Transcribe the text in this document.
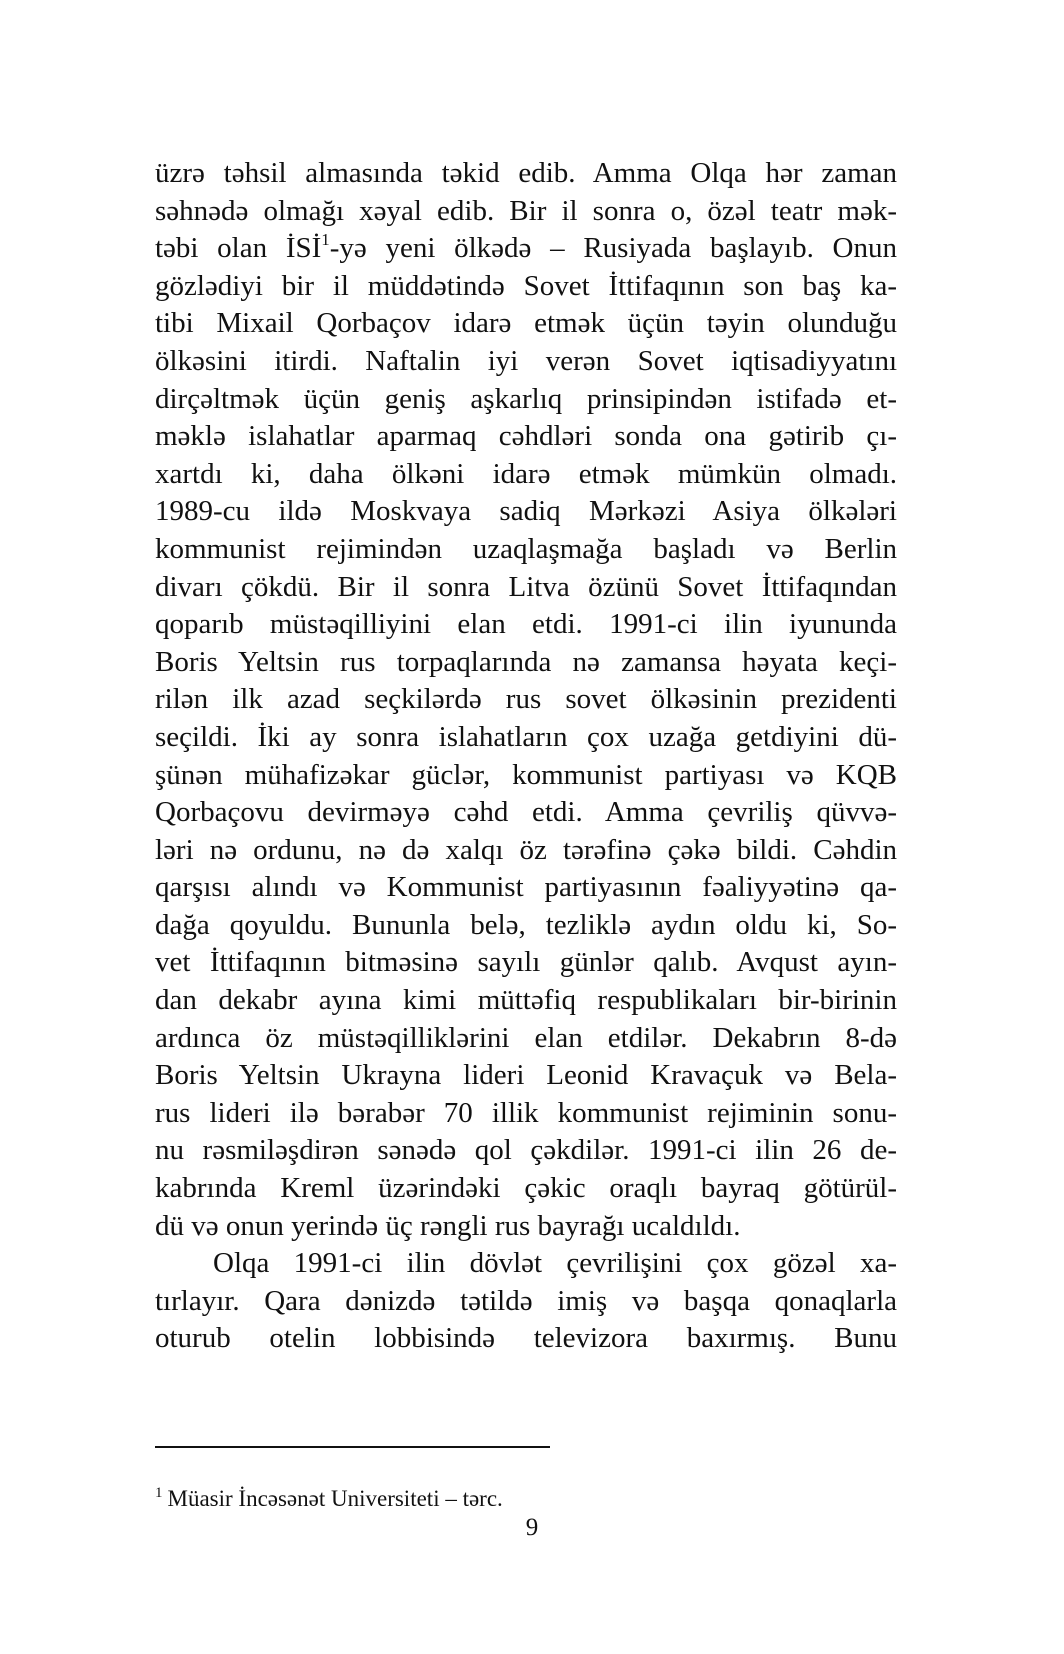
üzrə təhsil almasında təkid edib. Amma Olqa hər zaman
səhnədə olmağı xəyal edib. Bir il sonra o, özəl teatr mək-
təbi olan İSİ$^1$-yə yeni ölkədə – Rusiyada başlayıb. Onun
gözlədiyi bir il müddətində Sovet İttifaqının son baş ka-
tibi Mixail Qorbaçov idarə etmək üçün təyin olunduğu
ölkəsini itirdi. Naftalin iyi verən Sovet iqtisadiyyatını
dirçəltmək üçün geniş aşkarlıq prinsipindən istifadə et-
məklə islahatlar aparmaq cəhdləri sonda ona gətirib çı-
xartdı ki, daha ölkəni idarə etmək mümkün olmadı.
1989-cu ildə Moskvaya sadiq Mərkəzi Asiya ölkələri
kommunist rejimindən uzaqlaşmağa başladı və Berlin
divarı çökdü. Bir il sonra Litva özünü Sovet İttifaqından
qoparıb müstəqilliyini elan etdi. 1991-ci ilin iyununda
Boris Yeltsin rus torpaqlarında nə zamansa həyata keçi-
rilən ilk azad seçkilərdə rus sovet ölkəsinin prezidenti
seçildi. İki ay sonra islahatların çox uzağa getdiyini dü-
şünən mühafizəkar güclər, kommunist partiyası və KQB
Qorbaçovu devirməyə cəhd etdi. Amma çevriliş qüvvə-
ləri nə ordunu, nə də xalqı öz tərəfinə çəkə bildi. Cəhdin
qarşısı alındı və Kommunist partiyasının fəaliyyətinə qa-
dağa qoyuldu. Bununla belə, tezliklə aydın oldu ki, So-
vet İttifaqının bitməsinə sayılı günlər qalıb. Avqust ayın-
dan dekabr ayına kimi müttəfiq respublikaları bir-birinin
ardınca öz müstəqilliklərini elan etdilər. Dekabrın 8-də
Boris Yeltsin Ukrayna lideri Leonid Kravaçuk və Bela-
rus lideri ilə bərabər 70 illik kommunist rejiminin sonu-
nu rəsmiləşdirən sənədə qol çəkdilər. 1991-ci ilin 26 de-
kabrında Kreml üzərindəki çəkic oraqlı bayraq götürül-
dü və onun yerində üç rəngli rus bayrağı ucaldıldı.
Olqa 1991-ci ilin dövlət çevrilişini çox gözəl xa-
tırlayır. Qara dənizdə tətildə imiş və başqa qonaqlarla
oturub otelin lobbisində televizora baxırmış. Bunu
$^1$ Müasir İncəsənət Universiteti – tərc.
9
